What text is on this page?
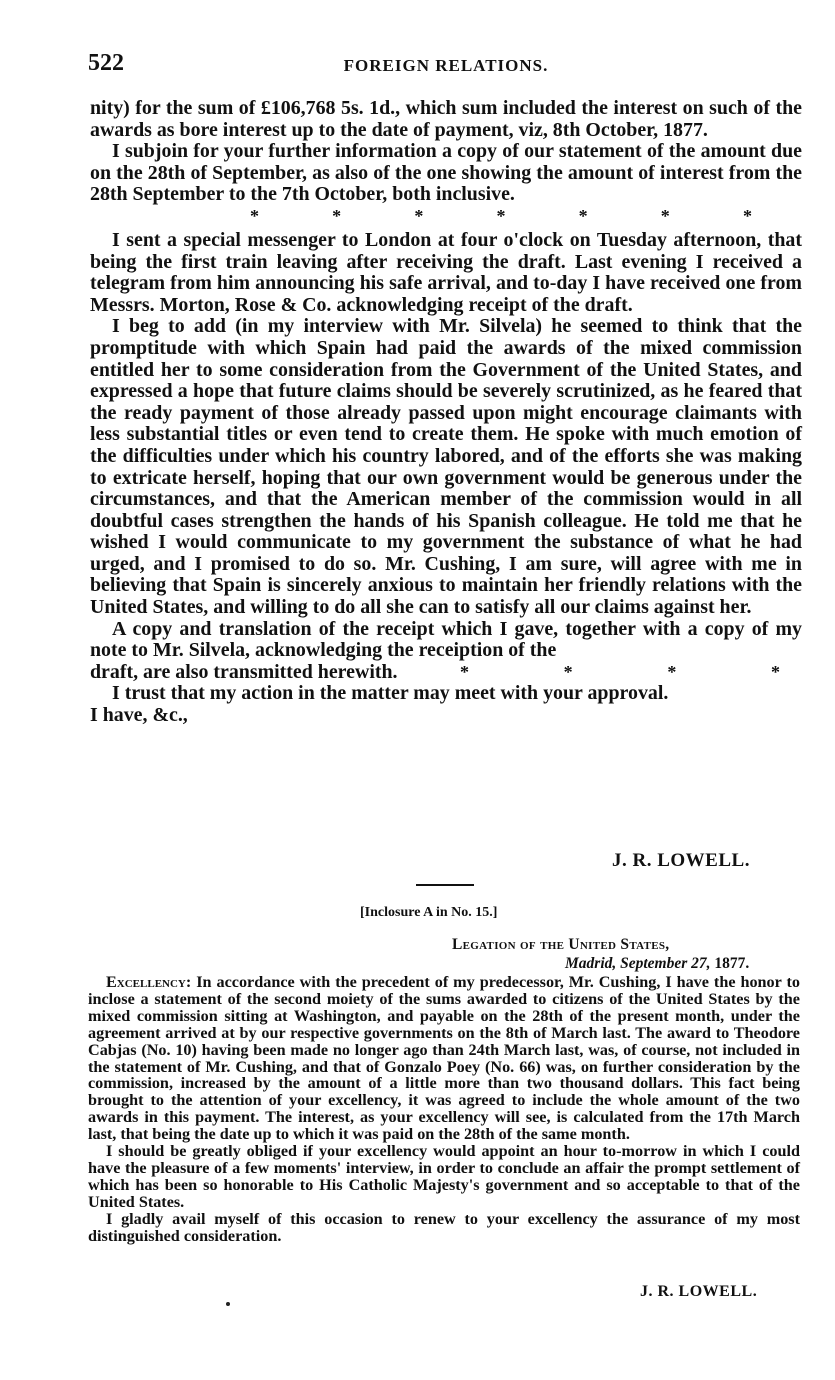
522	FOREIGN RELATIONS.

nity) for the sum of £106,768 5s. 1d., which sum included the interest on such of the awards as bore interest up to the date of payment, viz, 8th October, 1877.

I subjoin for your further information a copy of our statement of the amount due on the 28th of September, as also of the one showing the amount of interest from the 28th September to the 7th October, both inclusive.

*	*	*	*	*	*	*

I sent a special messenger to London at four o'clock on Tuesday afternoon, that being the first train leaving after receiving the draft. Last evening I received a telegram from him announcing his safe arrival, and to-day I have received one from Messrs. Morton, Rose & Co. acknowledging receipt of the draft.

I beg to add (in my interview with Mr. Silvela) he seemed to think that the promptitude with which Spain had paid the awards of the mixed commission entitled her to some consideration from the Government of the United States, and expressed a hope that future claims should be severely scrutinized, as he feared that the ready payment of those already passed upon might encourage claimants with less substantial titles or even tend to create them. He spoke with much emotion of the difficulties under which his country labored, and of the efforts she was making to extricate herself, hoping that our own government would be generous under the circumstances, and that the American member of the commission would in all doubtful cases strengthen the hands of his Spanish colleague. He told me that he wished I would communicate to my government the substance of what he had urged, and I promised to do so. Mr. Cushing, I am sure, will agree with me in believing that Spain is sincerely anxious to maintain her friendly relations with the United States, and willing to do all she can to satisfy all our claims against her.

A copy and translation of the receipt which I gave, together with a copy of my note to Mr. Silvela, acknowledging the receiption of the

draft, are also transmitted herewith.	*	*	*	*

I trust that my action in the matter may meet with your approval.

I have, &c.,

J. R. LOWELL.
[Inclosure A in No. 15.]
Legation of the United States,
Madrid, September 27, 1877.

Excellency: In accordance with the precedent of my predecessor, Mr. Cushing, I have the honor to inclose a statement of the second moiety of the sums awarded to citizens of the United States by the mixed commission sitting at Washington, and payable on the 28th of the present month, under the agreement arrived at by our respective governments on the 8th of March last. The award to Theodore Cabjas (No. 10) having been made no longer ago than 24th March last, was, of course, not included in the statement of Mr. Cushing, and that of Gonzalo Poey (No. 66) was, on further consideration by the commission, increased by the amount of a little more than two thousand dollars. This fact being brought to the attention of your excellency, it was agreed to include the whole amount of the two awards in this payment. The interest, as your excellency will see, is calculated from the 17th March last, that being the date up to which it was paid on the 28th of the same month.

I should be greatly obliged if your excellency would appoint an hour to-morrow in which I could have the pleasure of a few moments' interview, in order to conclude an affair the prompt settlement of which has been so honorable to His Catholic Majesty's government and so acceptable to that of the United States.

I gladly avail myself of this occasion to renew to your excellency the assurance of my most distinguished consideration.

J. R. LOWELL.
